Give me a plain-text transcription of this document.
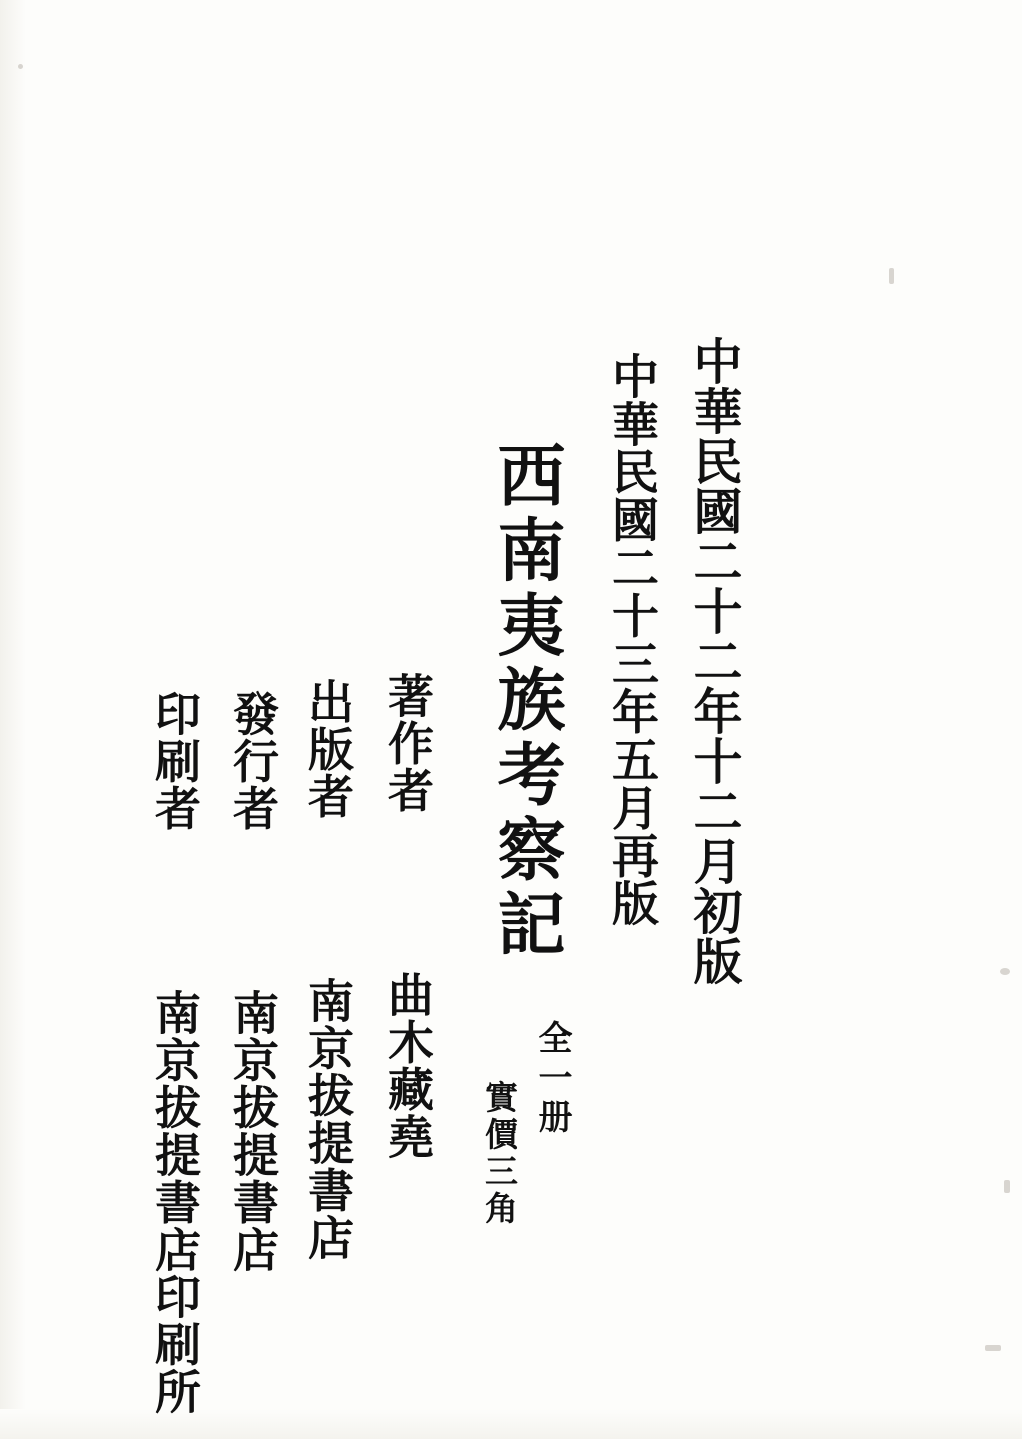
中華民國二十二年十二月初版
中華民國二十三年五月再版
西南夷族考察記
全一册
實價三角
著作者  曲木藏堯
出版者  南京拔提書店
發行者  南京拔提書店
印刷者  南京拔提書店印刷所
